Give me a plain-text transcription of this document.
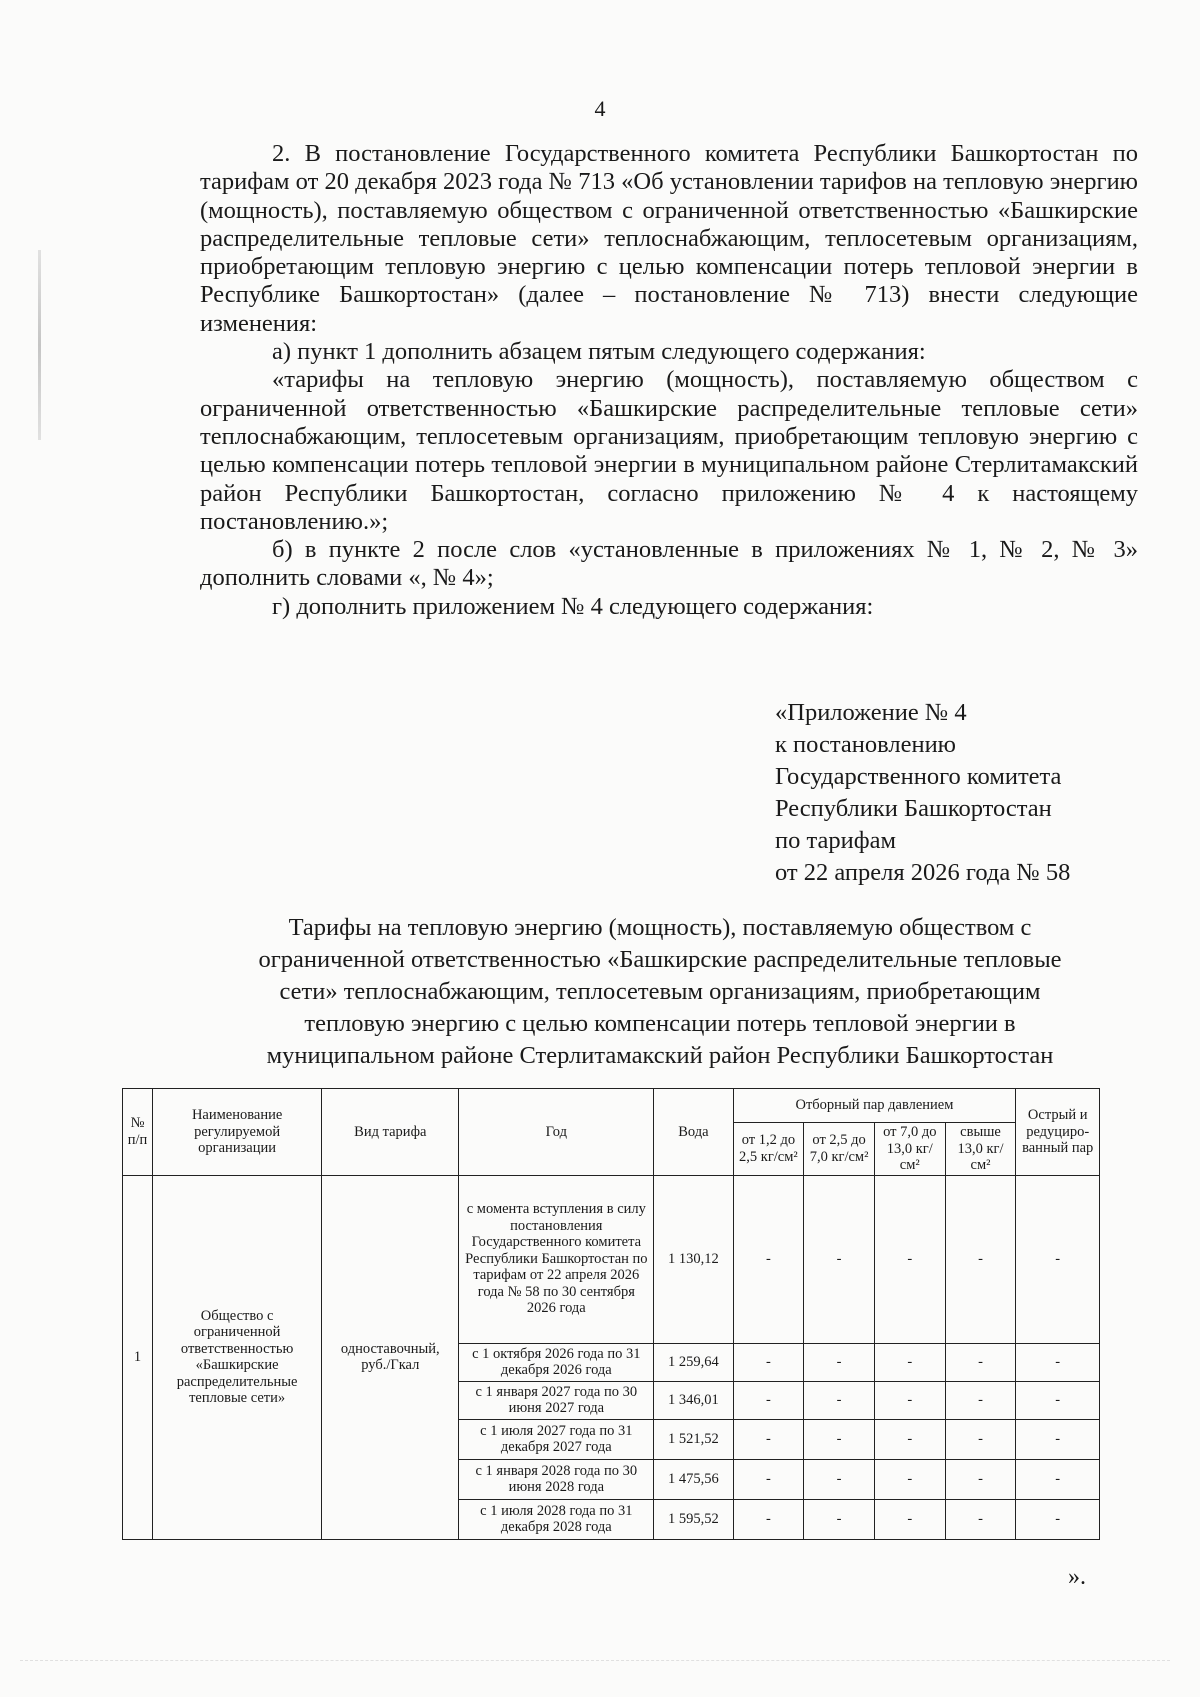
4

2. В постановление Государственного комитета Республики Башкортостан по тарифам от 20 декабря 2023 года № 713 «Об установлении тарифов на тепловую энергию (мощность), поставляемую обществом с ограниченной ответственностью «Башкирские распределительные тепловые сети» теплоснабжающим, теплосетевым организациям, приобретающим тепловую энергию с целью компенсации потерь тепловой энергии в Республике Башкортостан» (далее – постановление № 713) внести следующие изменения:

а) пункт 1 дополнить абзацем пятым следующего содержания:

«тарифы на тепловую энергию (мощность), поставляемую обществом с ограниченной ответственностью «Башкирские распределительные тепловые сети» теплоснабжающим, теплосетевым организациям, приобретающим тепловую энергию с целью компенсации потерь тепловой энергии в муниципальном районе Стерлитамакский район Республики Башкортостан, согласно приложению № 4 к настоящему постановлению.»;

б) в пункте 2 после слов «установленные в приложениях № 1, № 2, № 3» дополнить словами «, № 4»;

г) дополнить приложением № 4 следующего содержания:

«Приложение № 4
к постановлению
Государственного комитета
Республики Башкортостан
по тарифам
от 22 апреля 2026 года № 58
Тарифы на тепловую энергию (мощность), поставляемую обществом с
ограниченной ответственностью «Башкирские распределительные тепловые
сети» теплоснабжающим, теплосетевым организациям, приобретающим
тепловую энергию с целью компенсации потерь тепловой энергии в
муниципальном районе Стерлитамакский район Республики Башкортостан
№ п/п	Наименование регулируемой организации	Вид тарифа	Год	Вода	Отборный пар давлением				Острый и редуциро-ванный пар
					от 1,2 до 2,5 кг/см²	от 2,5 до 7,0 кг/см²	от 7,0 до 13,0 кг/см²	свыше 13,0 кг/см²	
1	Общество с ограниченной ответственностью «Башкирские распределительные тепловые сети»	одноставочный, руб./Гкал	с момента вступления в силу постановления Государственного комитета Республики Башкортостан по тарифам от 22 апреля 2026 года № 58 по 30 сентября 2026 года	1 130,12	-	-	-	-	-
			с 1 октября 2026 года по 31 декабря 2026 года	1 259,64	-	-	-	-	-
			с 1 января 2027 года по 30 июня 2027 года	1 346,01	-	-	-	-	-
			с 1 июля 2027 года по 31 декабря 2027 года	1 521,52	-	-	-	-	-
			с 1 января 2028 года по 30 июня 2028 года	1 475,56	-	-	-	-	-
			с 1 июля 2028 года по 31 декабря 2028 года	1 595,52	-	-	-	-	-
».
